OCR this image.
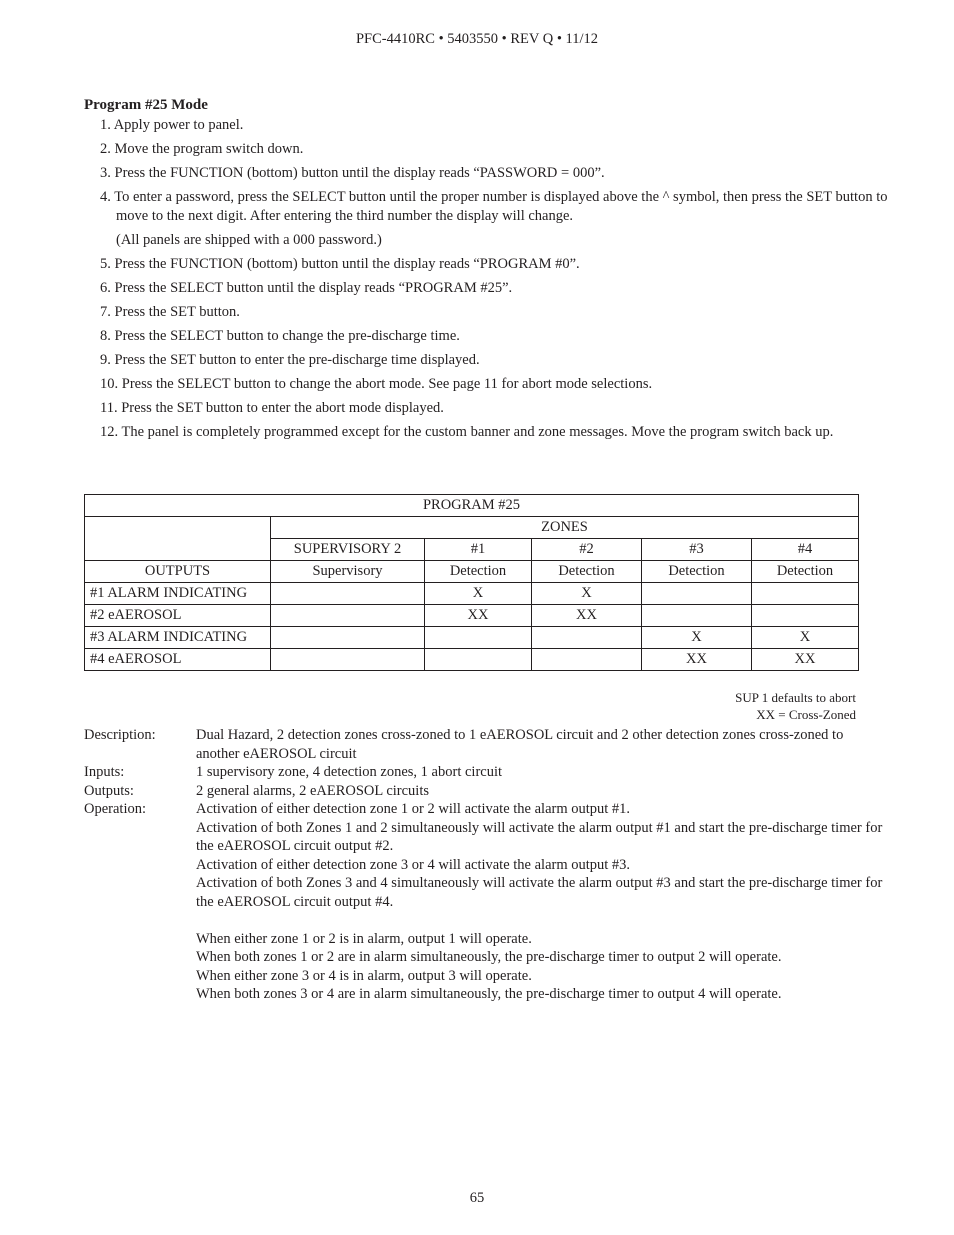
PFC-4410RC • 5403550 • REV Q • 11/12
Program #25 Mode
1. Apply power to panel.
2. Move the program switch down.
3. Press the FUNCTION (bottom) button until the display reads “PASSWORD = 000”.
4. To enter a password, press the SELECT button until the proper number is displayed above the ^ symbol, then press the SET button to move to the next digit. After entering the third number the display will change.
(All panels are shipped with a 000 password.)
5. Press the FUNCTION (bottom) button until the display reads “PROGRAM #0”.
6. Press the SELECT button until the display reads “PROGRAM #25”.
7. Press the SET button.
8. Press the SELECT button to change the pre-discharge time.
9. Press the SET button to enter the pre-discharge time displayed.
10. Press the SELECT button to change the abort mode. See page 11 for abort mode selections.
11. Press the SET button to enter the abort mode displayed.
12. The panel is completely programmed except for the custom banner and zone messages. Move the program switch back up.
PROGRAM #25					
	ZONES				
	SUPERVISORY 2	#1	#2	#3	#4
OUTPUTS	Supervisory	Detection	Detection	Detection	Detection
#1 ALARM INDICATING		X	X		
#2 eAEROSOL		XX	XX		
#3 ALARM INDICATING				X	X
#4 eAEROSOL				XX	XX
SUP 1 defaults to abort
XX = Cross-Zoned
Description:	Dual Hazard, 2 detection zones cross-zoned to 1 eAEROSOL circuit and 2 other detection zones cross-zoned to another eAEROSOL circuit
Inputs:	1 supervisory zone, 4 detection zones, 1 abort circuit
Outputs:	2 general alarms, 2 eAEROSOL circuits
Operation:	Activation of either detection zone 1 or 2 will activate the alarm output #1.

Activation of both Zones 1 and 2 simultaneously will activate the alarm output #1 and start the pre-discharge timer for the eAEROSOL circuit output #2.

Activation of either detection zone 3 or 4 will activate the alarm output #3.

Activation of both Zones 3 and 4 simultaneously will activate the alarm output #3 and start the pre-discharge timer for the eAEROSOL circuit output #4.

When either zone 1 or 2 is in alarm, output 1 will operate.

When both zones 1 or 2 are in alarm simultaneously, the pre-discharge timer to output 2 will operate.

When either zone 3 or 4 is in alarm, output 3 will operate.

When both zones 3 or 4 are in alarm simultaneously, the pre-discharge timer to output 4 will operate.

65
